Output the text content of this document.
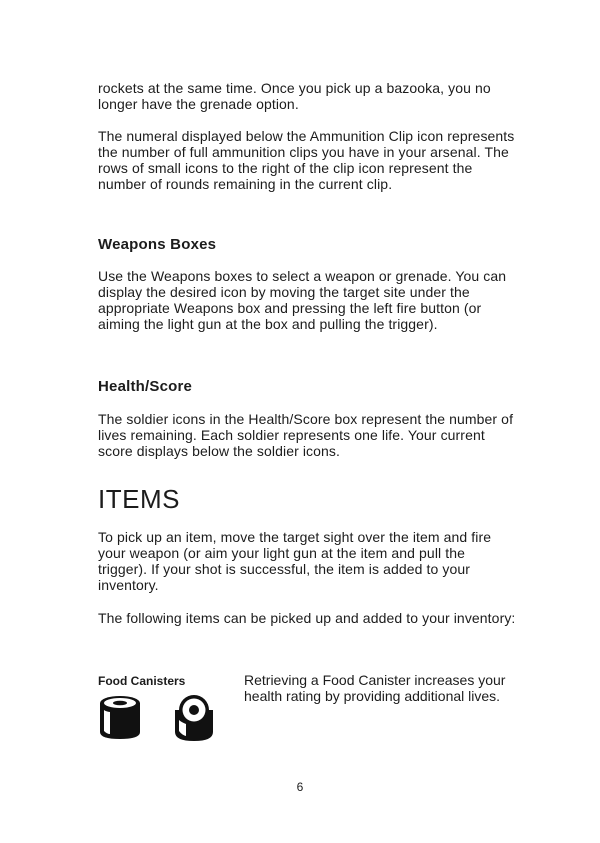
rockets at the same time. Once you pick up a bazooka, you no longer have the grenade option.

The numeral displayed below the Ammunition Clip icon represents the number of full ammunition clips you have in your arsenal. The rows of small icons to the right of the clip icon represent the number of rounds remaining in the current clip.

Weapons Boxes

Use the Weapons boxes to select a weapon or grenade. You can display the desired icon by moving the target site under the appropriate Weapons box and pressing the left fire button (or aiming the light gun at the box and pulling the trigger).

Health/Score

The soldier icons in the Health/Score box represent the number of lives remaining. Each soldier represents one life. Your current score displays below the soldier icons.

ITEMS

To pick up an item, move the target sight over the item and fire your weapon (or aim your light gun at the item and pull the trigger). If your shot is successful, the item is added to your inventory.

The following items can be picked up and added to your inventory:

Food Canisters	Retrieving a Food Canister increases your health rating by providing additional lives.

6
